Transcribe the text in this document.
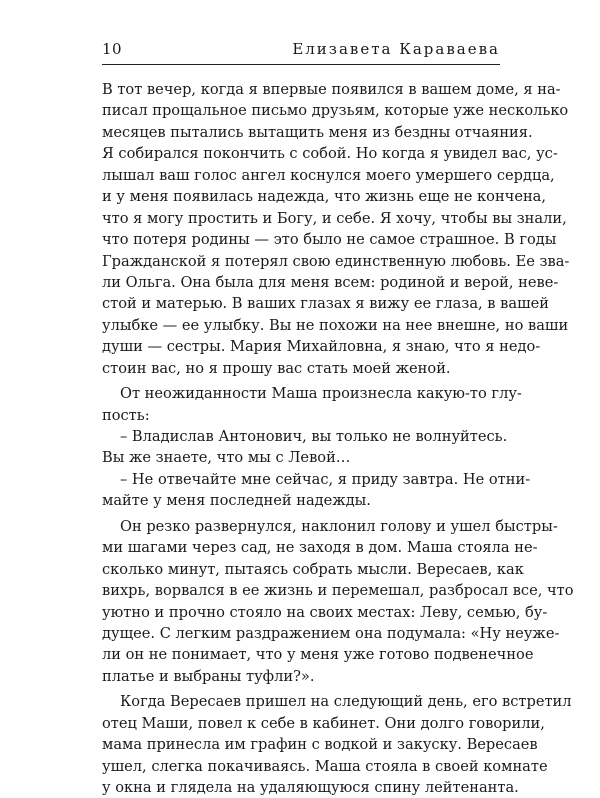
10	Елизавета Караваева
В тот вечер, когда я впервые появился в вашем доме, я на-
писал прощальное письмо друзьям, которые уже несколько
месяцев пытались вытащить меня из бездны отчаяния.
Я собирался покончить с собой. Но когда я увидел вас, ус-
лышал ваш голос ангел коснулся моего умершего сердца,
и у меня появилась надежда, что жизнь еще не кончена,
что я могу простить и Богу, и себе. Я хочу, чтобы вы знали,
что потеря родины — это было не самое страшное. В годы
Гражданской я потерял свою единственную любовь. Ее зва-
ли Ольга. Она была для меня всем: родиной и верой, неве-
стой и матерью. В ваших глазах я вижу ее глаза, в вашей
улыбке — ее улыбку. Вы не похожи на нее внешне, но ваши
души — сестры. Мария Михайловна, я знаю, что я недо-
стоин вас, но я прошу вас стать моей женой.
От неожиданности Маша произнесла какую-то глу-
пость:
– Владислав Антонович, вы только не волнуйтесь.
Вы же знаете, что мы с Левой…
– Не отвечайте мне сейчас, я приду завтра. Не отни-
майте у меня последней надежды.
Он резко развернулся, наклонил голову и ушел быстры-
ми шагами через сад, не заходя в дом. Маша стояла не-
сколько минут, пытаясь собрать мысли. Вересаев, как
вихрь, ворвался в ее жизнь и перемешал, разбросал все, что
уютно и прочно стояло на своих местах: Леву, семью, бу-
дущее. С легким раздражением она подумала: «Ну неуже-
ли он не понимает, что у меня уже готово подвенечное
платье и выбраны туфли?».
Когда Вересаев пришел на следующий день, его встретил
отец Маши, повел к себе в кабинет. Они долго говорили,
мама принесла им графин с водкой и закуску. Вересаев
ушел, слегка покачиваясь. Маша стояла в своей комнате
у окна и глядела на удаляющуюся спину лейтенанта.
